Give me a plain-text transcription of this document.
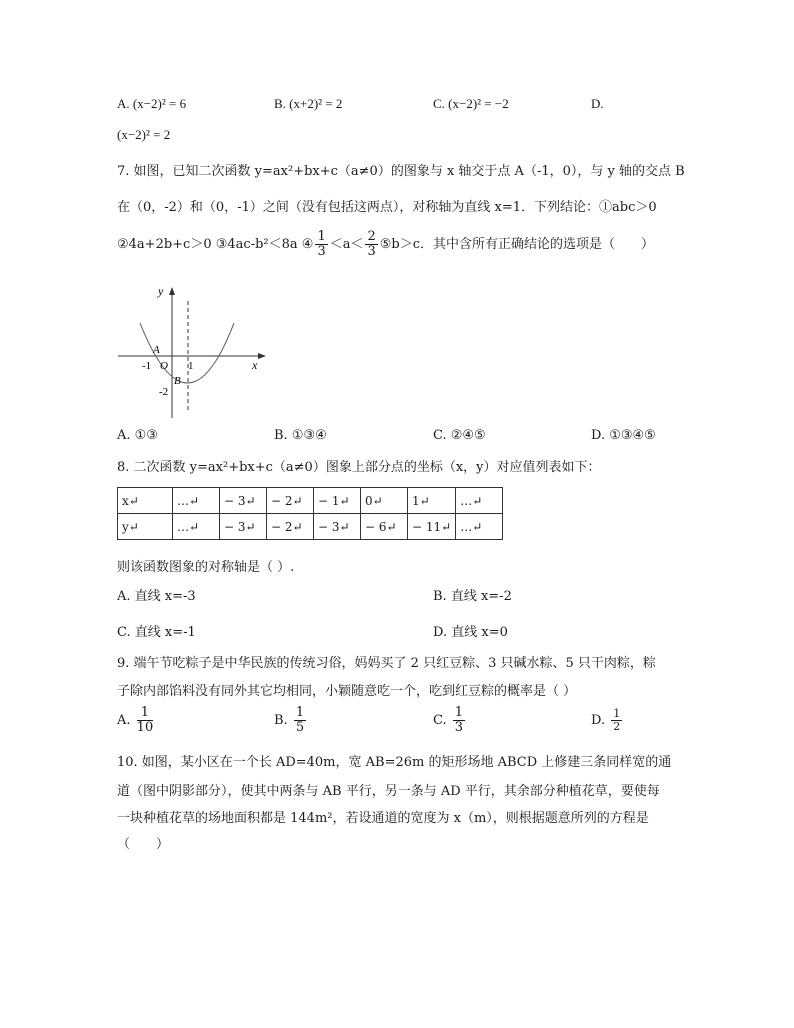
A. (x−2)² = 6	B. (x+2)² = 2	C. (x−2)² = −2	D.
(x−2)² = 2
7. 如图，已知二次函数 y=ax²+bx+c（a≠0）的图象与 x 轴交于点 A（-1，0），与 y 轴的交点 B
在（0，-2）和（0，-1）之间（没有包括这两点），对称轴为直线 x=1．下列结论：①abc＞0
②4a+2b+c＞0 ③4ac-b²＜8a ④ $\frac{1}{3} <a< \frac{2}{3}$ ⑤b＞c．其中含所有正确结论的选项是（　　）
y
x
A
O
-1	1
B
-2
A. ①③	B. ①③④	C. ②④⑤	D. ①③④⑤
8. 二次函数 y=ax²+bx+c（a≠0）图象上部分点的坐标（x，y）对应值列表如下：
x↵	…↵	− 3↵	− 2↵	− 1↵	0↵	1↵	…↵
y↵	…↵	− 3↵	− 2↵	− 3↵	− 6↵	− 11↵	…↵
则该函数图象的对称轴是（ ）.
A. 直线 x=-3	B. 直线 x=-2
C. 直线 x=-1	D. 直线 x=0
9. 端午节吃粽子是中华民族的传统习俗，妈妈买了 2 只红豆粽、3 只碱水粽、5 只干肉粽，粽
子除内部馅料没有同外其它均相同，小颖随意吃一个，吃到红豆粽的概率是（ ）
A. $\frac{1}{10}$	B. $\frac{1}{5}$	C. $\frac{1}{3}$	D. $\frac{1}{2}$
10. 如图，某小区在一个长 AD=40m，宽 AB=26m 的矩形场地 ABCD 上修建三条同样宽的通
道（图中阴影部分），使其中两条与 AB 平行，另一条与 AD 平行，其余部分种植花草，要使每
一块种植花草的场地面积都是 144m²，若设通道的宽度为 x（m），则根据题意所列的方程是
（　　）
